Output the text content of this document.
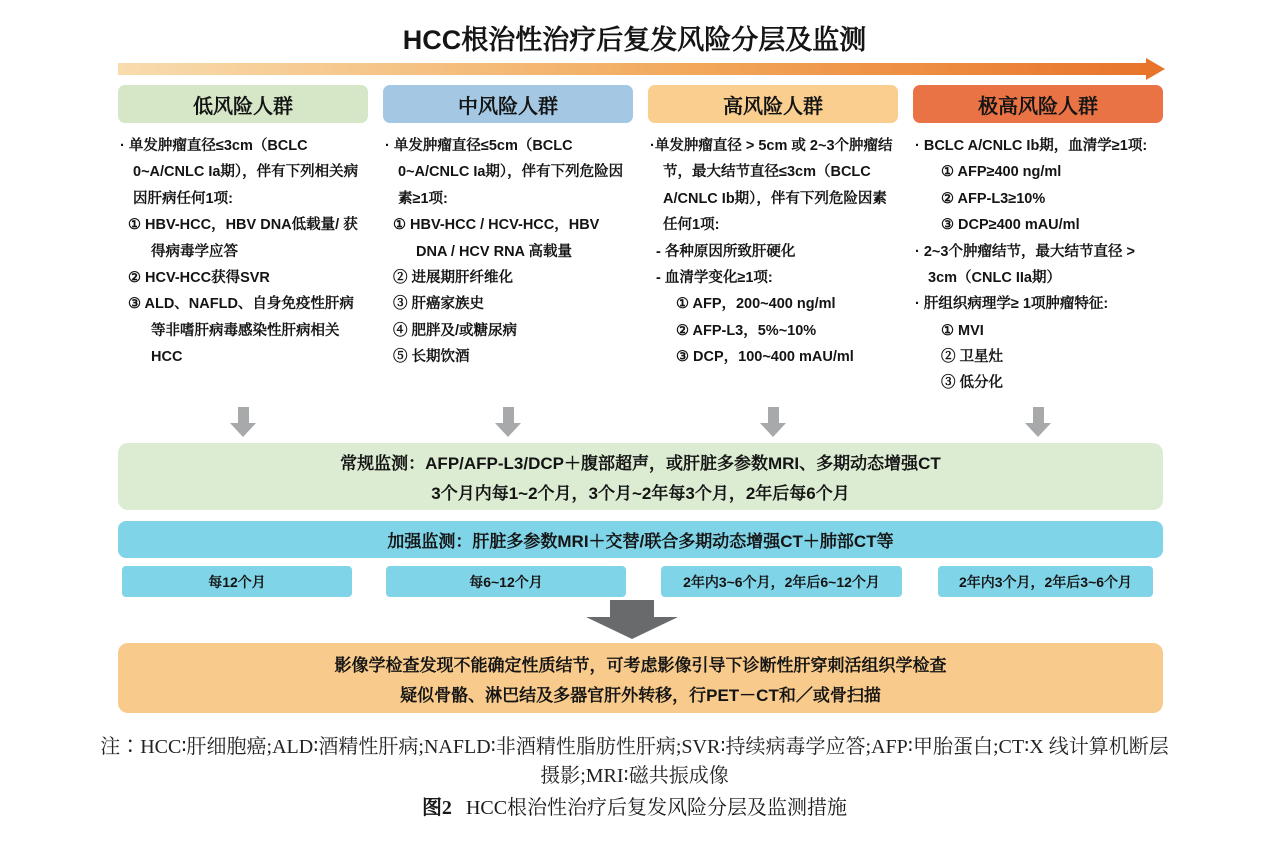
HCC根治性治疗后复发风险分层及监测
低风险人群
· 单发肿瘤直径≤3cm（BCLC 0~A/CNLC Ia期），伴有下列相关病因肝病任何1项:
① HBV-HCC，HBV DNA低载量/ 获得病毒学应答
② HCV-HCC获得SVR
③ ALD、NAFLD、自身免疫性肝病等非嗜肝病毒感染性肝病相关HCC
中风险人群
· 单发肿瘤直径≤5cm（BCLC 0~A/CNLC Ia期），伴有下列危险因素≥1项:
① HBV-HCC / HCV-HCC，HBV DNA / HCV RNA 高载量
② 进展期肝纤维化
③ 肝癌家族史
④ 肥胖及/或糖尿病
⑤ 长期饮酒
高风险人群
·单发肿瘤直径 > 5cm 或 2~3个肿瘤结节，最大结节直径≤3cm（BCLC A/CNLC Ib期），伴有下列危险因素任何1项:
- 各种原因所致肝硬化
- 血清学变化≥1项:
① AFP，200~400 ng/ml
② AFP-L3，5%~10%
③ DCP，100~400 mAU/ml
极高风险人群
· BCLC A/CNLC Ib期，血清学≥1项:
① AFP≥400 ng/ml
② AFP-L3≥10%
③ DCP≥400 mAU/ml
· 2~3个肿瘤结节，最大结节直径 > 3cm（CNLC IIa期）
· 肝组织病理学≥ 1项肿瘤特征:
① MVI
② 卫星灶
③ 低分化
常规监测：AFP/AFP-L3/DCP＋腹部超声，或肝脏多参数MRI、多期动态增强CT
3个月内每1~2个月，3个月~2年每3个月，2年后每6个月
加强监测：肝脏多参数MRI＋交替/联合多期动态增强CT＋肺部CT等
每12个月	每6~12个月	2年内3~6个月，2年后6~12个月	2年内3个月，2年后3~6个月
影像学检查发现不能确定性质结节，可考虑影像引导下诊断性肝穿刺活组织学检查
疑似骨骼、淋巴结及多器官肝外转移，行PET－CT和／或骨扫描
注∶HCC∶肝细胞癌;ALD∶酒精性肝病;NAFLD∶非酒精性脂肪性肝病;SVR∶持续病毒学应答;AFP∶甲胎蛋白;CT∶X 线计算机断层
摄影;MRI∶磁共振成像
图2 HCC根治性治疗后复发风险分层及监测措施
